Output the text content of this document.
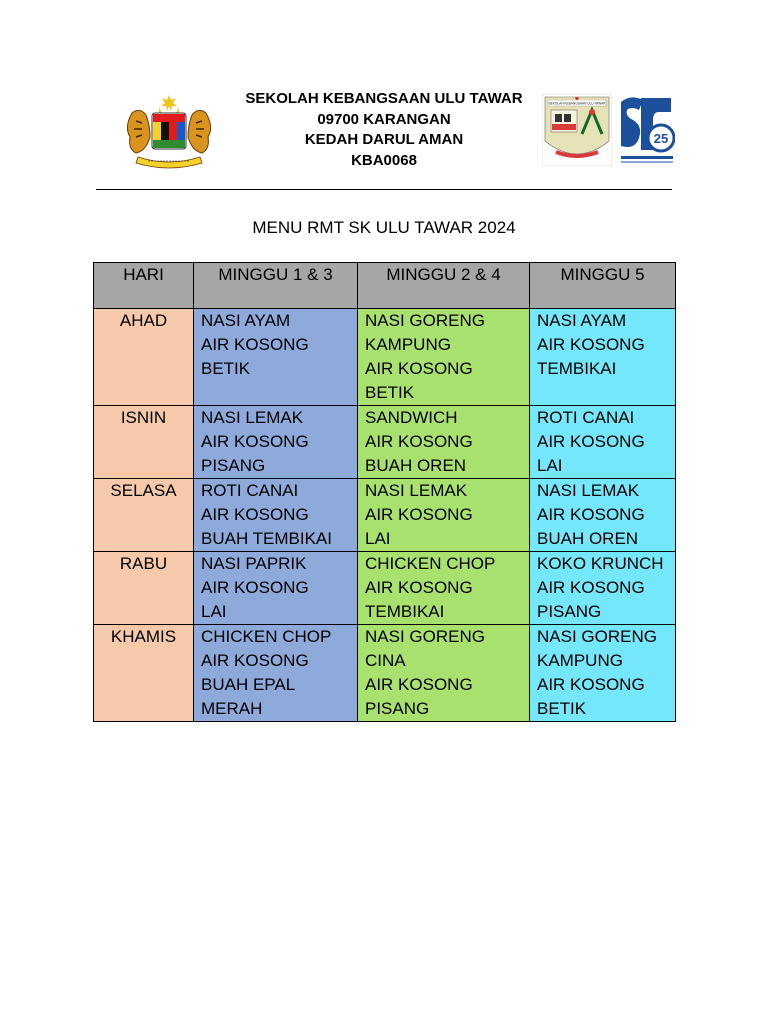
SEKOLAH KEBANGSAAN ULU TAWAR
09700 KARANGAN
KEDAH DARUL AMAN
KBA0068
SEKOLAH KEBANGSAAN ULU TAWAR
25
MENU RMT SK ULU TAWAR 2024
HARI	MINGGU 1 & 3	MINGGU 2 & 4	MINGGU 5
AHAD	NASI AYAM
AIR KOSONG
BETIK	NASI GORENG
KAMPUNG
AIR KOSONG
BETIK	NASI AYAM
AIR KOSONG
TEMBIKAI

ISNIN	NASI LEMAK
AIR KOSONG
PISANG	SANDWICH
AIR KOSONG
BUAH OREN	ROTI CANAI
AIR KOSONG
LAI

SELASA	ROTI CANAI
AIR KOSONG
BUAH TEMBIKAI	NASI LEMAK
AIR KOSONG
LAI	NASI LEMAK
AIR KOSONG
BUAH OREN

RABU	NASI PAPRIK
AIR KOSONG
LAI	CHICKEN CHOP
AIR KOSONG
TEMBIKAI	KOKO KRUNCH
AIR KOSONG
PISANG

KHAMIS	CHICKEN CHOP
AIR KOSONG
BUAH EPAL
MERAH	NASI GORENG
CINA
AIR KOSONG
PISANG	NASI GORENG
KAMPUNG
AIR KOSONG
BETIK
